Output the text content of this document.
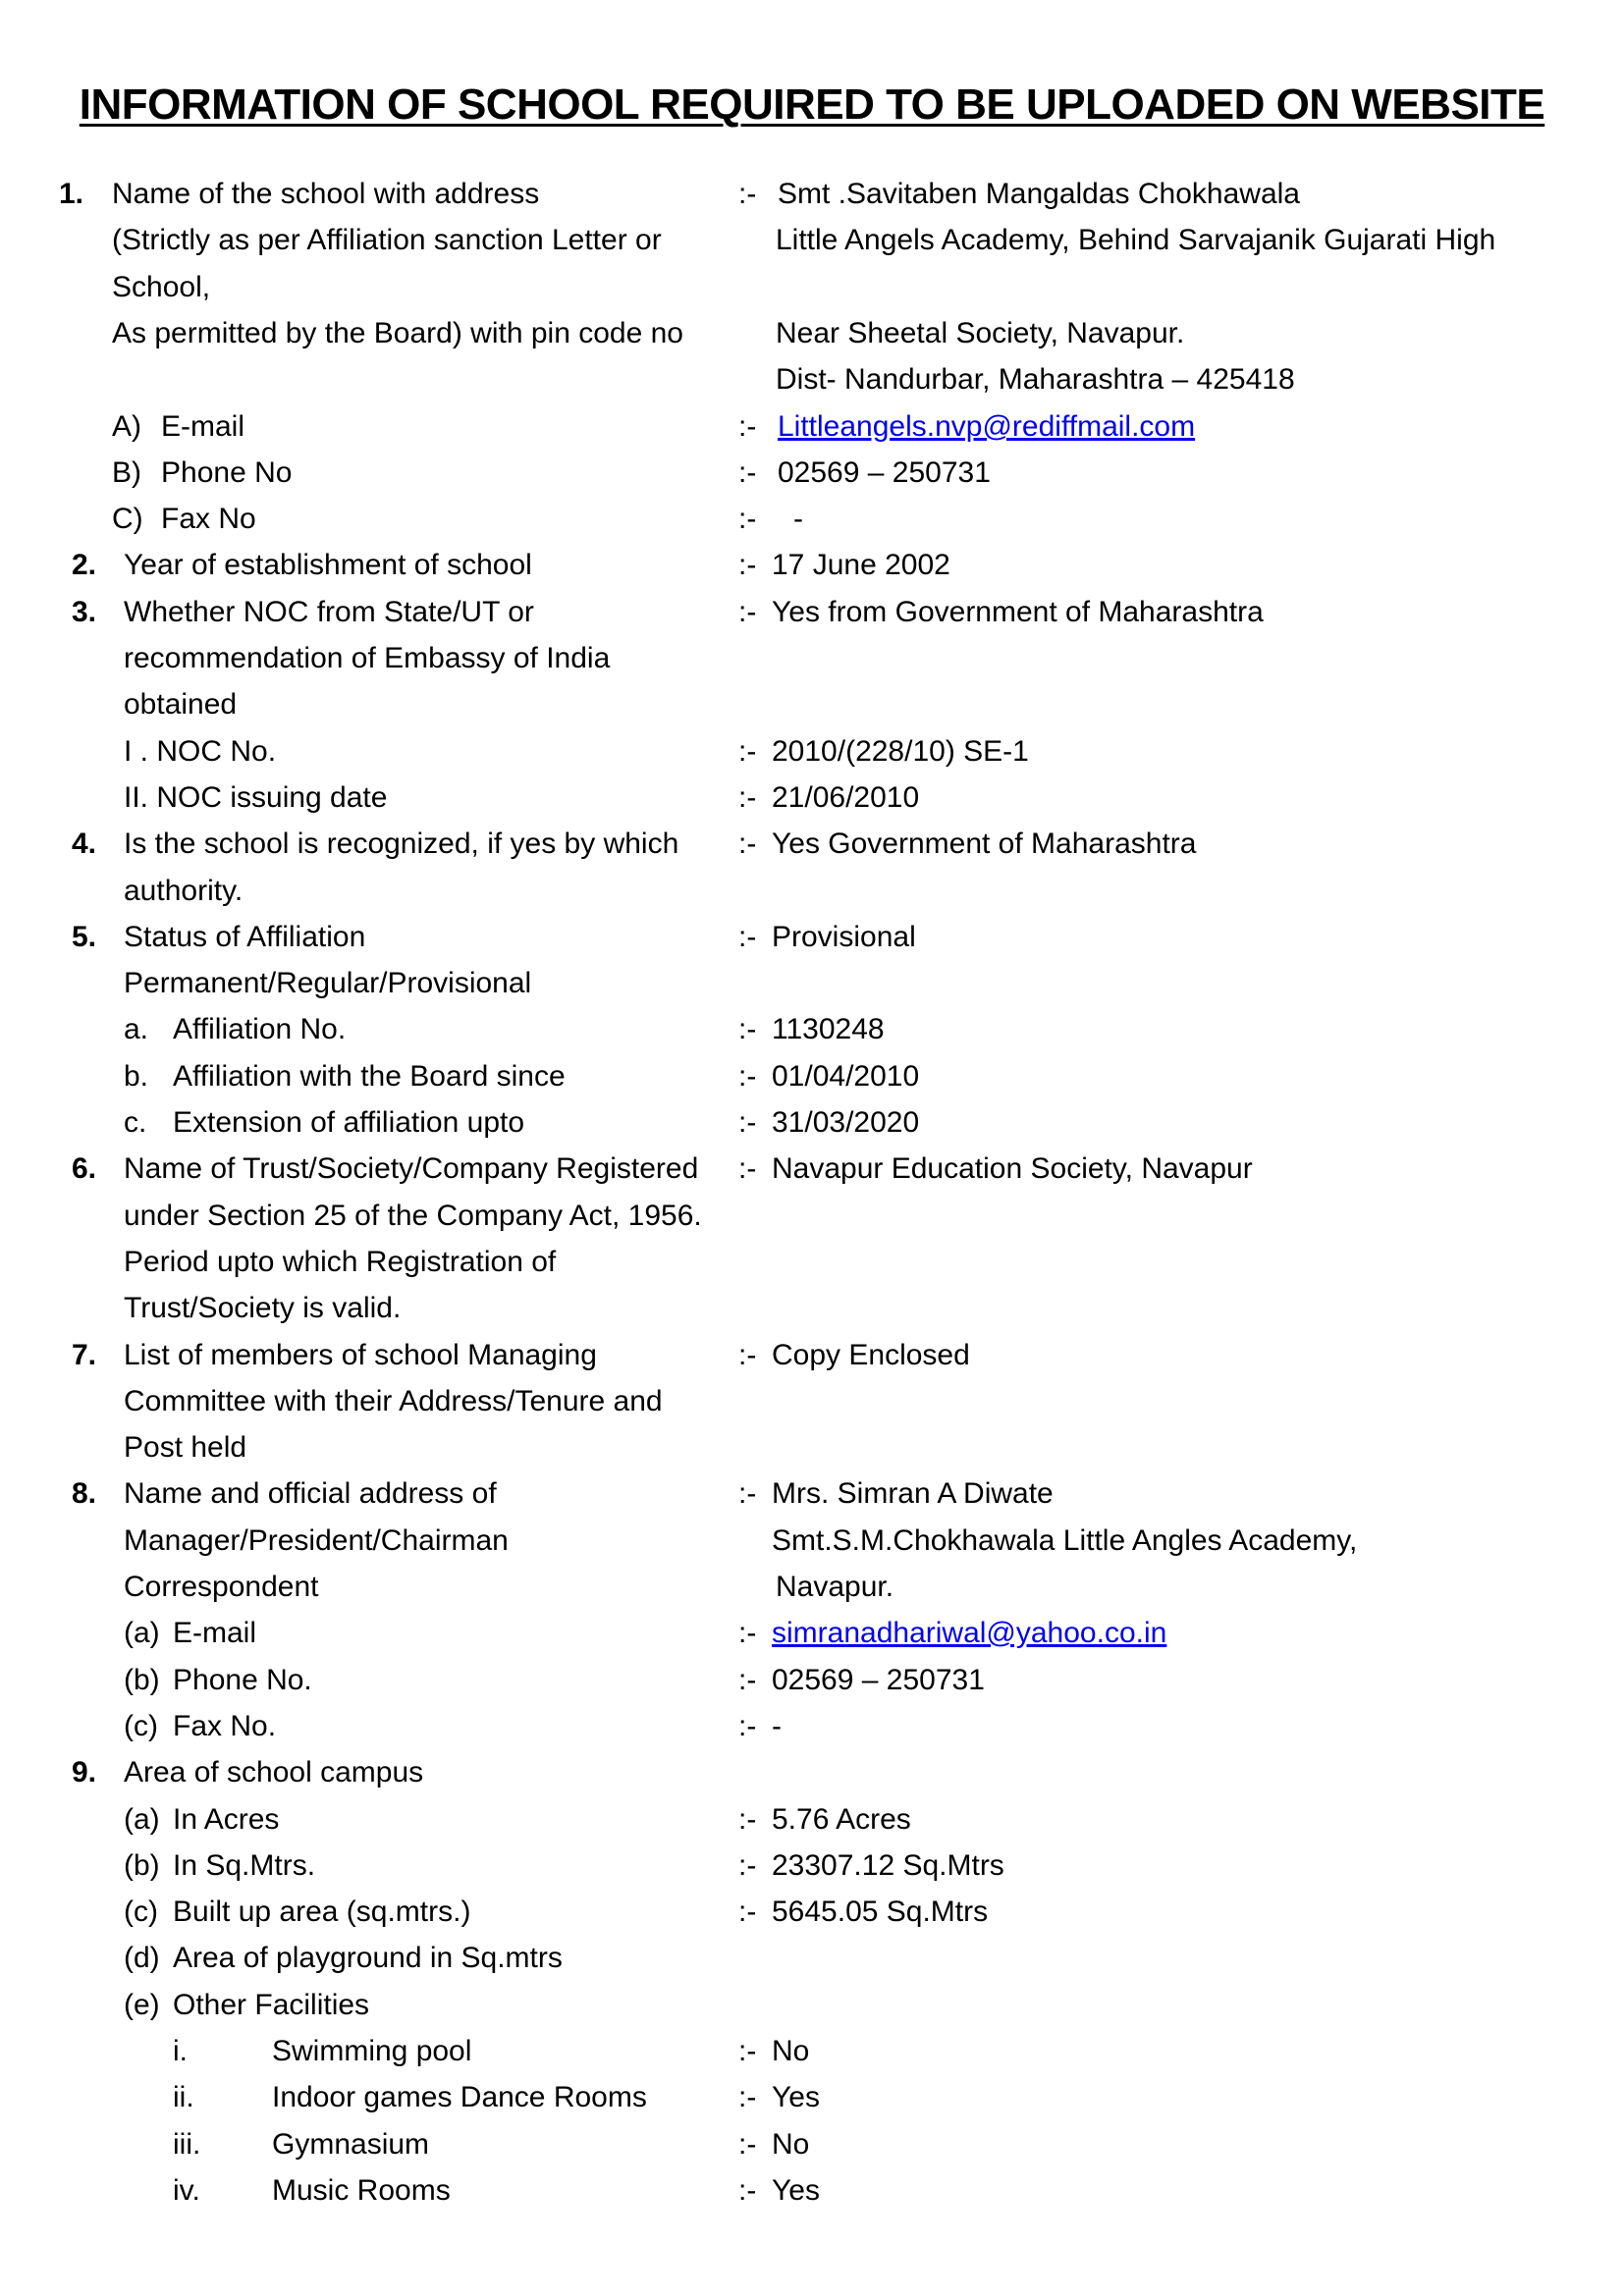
INFORMATION OF SCHOOL REQUIRED TO BE UPLOADED ON WEBSITE
1. Name of the school with address	:- Smt .Savitaben Mangaldas Chokhawala
(Strictly as per Affiliation sanction Letter or	Little Angels Academy, Behind Sarvajanik Gujarati High
School,
As permitted by the Board) with pin code no	Near Sheetal Society, Navapur.
Dist- Nandurbar, Maharashtra – 425418
A) E-mail	:- Littleangels.nvp@rediffmail.com
B) Phone No	:- 02569 – 250731
C) Fax No	:- -
2. Year of establishment of school	:- 17 June 2002
3. Whether NOC from State/UT or	:- Yes from Government of Maharashtra
recommendation of Embassy of India
obtained
I . NOC No.	:- 2010/(228/10) SE-1
II. NOC issuing date	:- 21/06/2010
4. Is the school is recognized, if yes by which :- Yes Government of Maharashtra
authority.
5. Status of Affiliation	:- Provisional
Permanent/Regular/Provisional
a. Affiliation No.	:- 1130248
b. Affiliation with the Board since	:- 01/04/2010
c. Extension of affiliation upto	:- 31/03/2020
6. Name of Trust/Society/Company Registered :- Navapur Education Society, Navapur
under Section 25 of the Company Act, 1956.
Period upto which Registration of
Trust/Society is valid.
7. List of members of school Managing	:- Copy Enclosed
Committee with their Address/Tenure and
Post held
8. Name and official address of	:- Mrs. Simran A Diwate
Manager/President/Chairman	Smt.S.M.Chokhawala Little Angles Academy,
Correspondent	Navapur.
(a) E-mail	:- simranadhariwal@yahoo.co.in
(b) Phone No.	:- 02569 – 250731
(c) Fax No.	:- -
9. Area of school campus
(a) In Acres	:- 5.76 Acres
(b) In Sq.Mtrs.	:- 23307.12 Sq.Mtrs
(c) Built up area (sq.mtrs.)	:- 5645.05 Sq.Mtrs
(d) Area of playground in Sq.mtrs
(e) Other Facilities
i.	Swimming pool	:- No
ii.	Indoor games Dance Rooms	:- Yes
iii. Gymnasium	:- No
iv. Music Rooms	:- Yes
